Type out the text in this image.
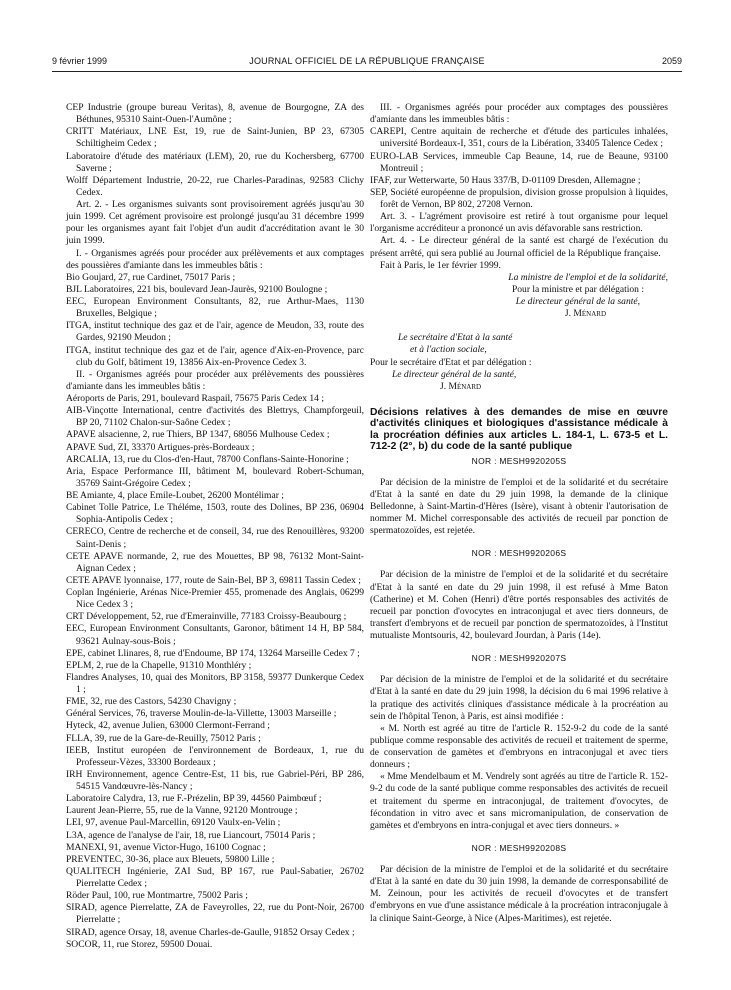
9 février 1999	JOURNAL OFFICIEL DE LA RÉPUBLIQUE FRANÇAISE	2059

CEP Industrie (groupe bureau Veritas), 8, avenue de Bourgogne, ZA des Béthunes, 95310 Saint-Ouen-l'Aumône ;

CRITT Matériaux, LNE Est, 19, rue de Saint-Junien, BP 23, 67305 Schiltigheim Cedex ;

Laboratoire d'étude des matériaux (LEM), 20, rue du Kochersberg, 67700 Saverne ;

Wolff Département Industrie, 20-22, rue Charles-Paradinas, 92583 Clichy Cedex.

Art. 2. - Les organismes suivants sont provisoirement agréés jusqu'au 30 juin 1999. Cet agrément provisoire est prolongé jusqu'au 31 décembre 1999 pour les organismes ayant fait l'objet d'un audit d'accréditation avant le 30 juin 1999.

I. - Organismes agréés pour procéder aux prélèvements et aux comptages des poussières d'amiante dans les immeubles bâtis :

Bio Goujard, 27, rue Cardinet, 75017 Paris ;

BJL Laboratoires, 221 bis, boulevard Jean-Jaurès, 92100 Boulogne ;

EEC, European Environment Consultants, 82, rue Arthur-Maes, 1130 Bruxelles, Belgique ;

ITGA, institut technique des gaz et de l'air, agence de Meudon, 33, route des Gardes, 92190 Meudon ;

ITGA, institut technique des gaz et de l'air, agence d'Aix-en-Provence, parc club du Golf, bâtiment 19, 13856 Aix-en-Provence Cedex 3.

II. - Organismes agréés pour procéder aux prélèvements des poussières d'amiante dans les immeubles bâtis :

Aéroports de Paris, 291, boulevard Raspail, 75675 Paris Cedex 14 ;

AIB-Vinçotte International, centre d'activités des Blettrys, Champforgeuil, BP 20, 71102 Chalon-sur-Saône Cedex ;

APAVE alsacienne, 2, rue Thiers, BP 1347, 68056 Mulhouse Cedex ;

APAVE Sud, ZI, 33370 Artigues-près-Bordeaux ;

ARCALIA, 13, rue du Clos-d'en-Haut, 78700 Conflans-Sainte-Honorine ;

Aria, Espace Performance III, bâtiment M, boulevard Robert-Schuman, 35769 Saint-Grégoire Cedex ;

BE Amiante, 4, place Emile-Loubet, 26200 Montélimar ;

Cabinet Tolle Patrice, Le Théléme, 1503, route des Dolines, BP 236, 06904 Sophia-Antipolis Cedex ;

CERECO, Centre de recherche et de conseil, 34, rue des Renouillères, 93200 Saint-Denis ;

CETE APAVE normande, 2, rue des Mouettes, BP 98, 76132 Mont-Saint-Aignan Cedex ;

CETE APAVE lyonnaise, 177, route de Sain-Bel, BP 3, 69811 Tassin Cedex ;

Coplan Ingénierie, Arénas Nice-Premier 455, promenade des Anglais, 06299 Nice Cedex 3 ;

CRT Développement, 52, rue d'Emerainville, 77183 Croissy-Beaubourg ;

EEC, European Environment Consultants, Garonor, bâtiment 14 H, BP 584, 93621 Aulnay-sous-Bois ;

EPE, cabinet Llinares, 8, rue d'Endoume, BP 174, 13264 Marseille Cedex 7 ;

EPLM, 2, rue de la Chapelle, 91310 Monthléry ;

Flandres Analyses, 10, quai des Monitors, BP 3158, 59377 Dunkerque Cedex 1 ;

FME, 32, rue des Castors, 54230 Chavigny ;

Général Services, 76, traverse Moulin-de-la-Villette, 13003 Marseille ;

Hyteck, 42, avenue Julien, 63000 Clermont-Ferrand ;

FLLA, 39, rue de la Gare-de-Reuilly, 75012 Paris ;

IEEB, Institut européen de l'environnement de Bordeaux, 1, rue du Professeur-Vèzes, 33300 Bordeaux ;

IRH Environnement, agence Centre-Est, 11 bis, rue Gabriel-Péri, BP 286, 54515 Vandœuvre-lès-Nancy ;

Laboratoire Calydra, 13, rue F.-Prézelin, BP 39, 44560 Paimbœuf ;

Laurent Jean-Pierre, 55, rue de la Vanne, 92120 Montrouge ;

LEI, 97, avenue Paul-Marcellin, 69120 Vaulx-en-Velin ;

L3A, agence de l'analyse de l'air, 18, rue Liancourt, 75014 Paris ;

MANEXI, 91, avenue Victor-Hugo, 16100 Cognac ;

PREVENTEC, 30-36, place aux Bleuets, 59800 Lille ;

QUALITECH Ingénierie, ZAI Sud, BP 167, rue Paul-Sabatier, 26702 Pierrelatte Cedex ;

Röder Paul, 100, rue Montmartre, 75002 Paris ;

SIRAD, agence Pierrelatte, ZA de Faveyrolles, 22, rue du Pont-Noir, 26700 Pierrelatte ;

SIRAD, agence Orsay, 18, avenue Charles-de-Gaulle, 91852 Orsay Cedex ;

SOCOR, 11, rue Storez, 59500 Douai.

III. - Organismes agréés pour procéder aux comptages des poussières d'amiante dans les immeubles bâtis :

CAREPI, Centre aquitain de recherche et d'étude des particules inhalées, université Bordeaux-I, 351, cours de la Libération, 33405 Talence Cedex ;

EURO-LAB Services, immeuble Cap Beaune, 14, rue de Beaune, 93100 Montreuil ;

IFAF, zur Wetterwarte, 50 Haus 337/B, D-01109 Dresden, Allemagne ;

SEP, Société européenne de propulsion, division grosse propulsion à liquides, forêt de Vernon, BP 802, 27208 Vernon.

Art. 3. - L'agrément provisoire est retiré à tout organisme pour lequel l'organisme accréditeur a prononcé un avis défavorable sans restriction.

Art. 4. - Le directeur général de la santé est chargé de l'exécution du présent arrêté, qui sera publié au Journal officiel de la République française.

Fait à Paris, le 1er février 1999.

La ministre de l'emploi et de la solidarité,

Pour la ministre et par délégation :

Le directeur général de la santé,

J. Ménard

Le secrétaire d'Etat à la santé

et à l'action sociale,

Pour le secrétaire d'Etat et par délégation :

Le directeur général de la santé,

J. Ménard

Décisions relatives à des demandes de mise en œuvre d'activités cliniques et biologiques d'assistance médicale à la procréation définies aux articles L. 184-1, L. 673-5 et L. 712-2 (2°, b) du code de la santé publique

NOR : MESH9920205S

Par décision de la ministre de l'emploi et de la solidarité et du secrétaire d'Etat à la santé en date du 29 juin 1998, la demande de la clinique Belledonne, à Saint-Martin-d'Hères (Isère), visant à obtenir l'autorisation de nommer M. Michel corresponsable des activités de recueil par ponction de spermatozoïdes, est rejetée.

NOR : MESH9920206S

Par décision de la ministre de l'emploi et de la solidarité et du secrétaire d'Etat à la santé en date du 29 juin 1998, il est refusé à Mme Baton (Catherine) et M. Cohen (Henri) d'être portés responsables des activités de recueil par ponction d'ovocytes en intraconjugal et avec tiers donneurs, de transfert d'embryons et de recueil par ponction de spermatozoïdes, à l'Institut mutualiste Montsouris, 42, boulevard Jourdan, à Paris (14e).

NOR : MESH9920207S

Par décision de la ministre de l'emploi et de la solidarité et du secrétaire d'Etat à la santé en date du 29 juin 1998, la décision du 6 mai 1996 relative à la pratique des activités cliniques d'assistance médicale à la procréation au sein de l'hôpital Tenon, à Paris, est ainsi modifiée :

« M. North est agréé au titre de l'article R. 152-9-2 du code de la santé publique comme responsable des activités de recueil et traitement de sperme, de conservation de gamètes et d'embryons en intraconjugal et avec tiers donneurs ;

« Mme Mendelbaum et M. Vendrely sont agréés au titre de l'article R. 152-9-2 du code de la santé publique comme responsables des activités de recueil et traitement du sperme en intraconjugal, de traitement d'ovocytes, de fécondation in vitro avec et sans micromanipulation, de conservation de gamètes et d'embryons en intra-conjugal et avec tiers donneurs. »

NOR : MESH9920208S

Par décision de la ministre de l'emploi et de la solidarité et du secrétaire d'Etat à la santé en date du 30 juin 1998, la demande de corresponsabilité de M. Zeinoun, pour les activités de recueil d'ovocytes et de transfert d'embryons en vue d'une assistance médicale à la procréation intraconjugale à la clinique Saint-George, à Nice (Alpes-Maritimes), est rejetée.
